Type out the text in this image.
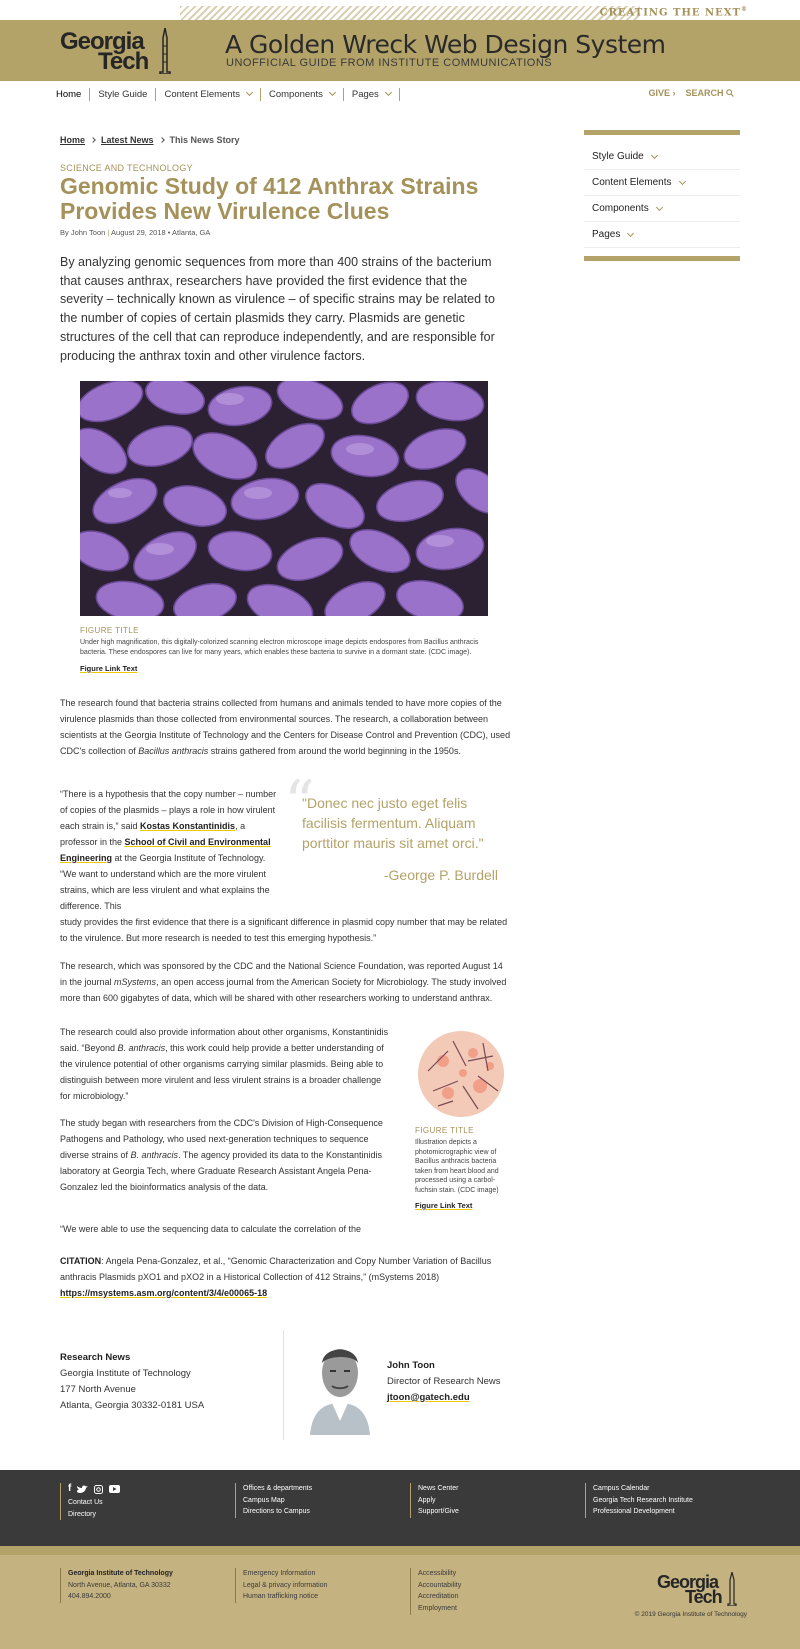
CREATING THE NEXT®
Georgia
Tech
A Golden Wreck Web Design System
UNOFFICIAL GUIDE FROM INSTITUTE COMMUNICATIONS
Home Style Guide Content Elements	Components	Pages	GIVE › SEARCH
Home Latest News This News Story
SCIENCE AND TECHNOLOGY
Genomic Study of 412 Anthrax Strains Provides New Virulence Clues
By John Toon | August 29, 2018 • Atlanta, GA

By analyzing genomic sequences from more than 400 strains of the bacterium that causes anthrax, researchers have provided the first evidence that the severity – technically known as virulence – of specific strains may be related to the number of copies of certain plasmids they carry. Plasmids are genetic structures of the cell that can reproduce independently, and are responsible for producing the anthrax toxin and other virulence factors.

FIGURE TITLE
Under high magnification, this digitally-colorized scanning electron microscope image depicts endospores from Bacillus anthracis bacteria. These endospores can live for many years, which enables these bacteria to survive in a dormant state. (CDC image).
Figure Link Text

The research found that bacteria strains collected from humans and animals tended to have more copies of the virulence plasmids than those collected from environmental sources. The research, a collaboration between scientists at the Georgia Institute of Technology and the Centers for Disease Control and Prevention (CDC), used CDC's collection of Bacillus anthracis strains gathered from around the world beginning in the 1950s.

“There is a hypothesis that the copy number – number of copies of the plasmids – plays a role in how virulent each strain is,” said Kostas Konstantinidis, a professor in the School of Civil and Environmental Engineering at the Georgia Institute of Technology. “We want to understand which are the more virulent strains, which are less virulent and what explains the difference. This

study provides the first evidence that there is a significant difference in plasmid copy number that may be related to the virulence. But more research is needed to test this emerging hypothesis.”

“
"Donec nec justo eget felis facilisis fermentum. Aliquam porttitor mauris sit amet orci."
-George P. Burdell

The research, which was sponsored by the CDC and the National Science Foundation, was reported August 14 in the journal mSystems, an open access journal from the American Society for Microbiology. The study involved more than 600 gigabytes of data, which will be shared with other researchers working to understand anthrax.

The research could also provide information about other organisms, Konstantinidis said. “Beyond B. anthracis, this work could help provide a better understanding of the virulence potential of other organisms carrying similar plasmids. Being able to distinguish between more virulent and less virulent strains is a broader challenge for microbiology.”

The study began with researchers from the CDC's Division of High-Consequence Pathogens and Pathology, who used next-generation techniques to sequence diverse strains of B. anthracis. The agency provided its data to the Konstantinidis laboratory at Georgia Tech, where Graduate Research Assistant Angela Pena-Gonzalez led the bioinformatics analysis of the data.

“We were able to use the sequencing data to calculate the correlation of the

FIGURE TITLE
Illustration depicts a photomicrographic view of Bacillus anthracis bacteria taken from heart blood and processed using a carbol-fuchsin stain. (CDC image)
Figure Link Text
CITATION: Angela Pena-Gonzalez, et al., “Genomic Characterization and Copy Number Variation of Bacillus anthracis Plasmids pXO1 and pXO2 in a Historical Collection of 412 Strains,” (mSystems 2018)
https://msystems.asm.org/content/3/4/e00065-18
Style Guide
Content Elements
Components
Pages
Research News
Georgia Institute of Technology
177 North Avenue
Atlanta, Georgia 30332-0181 USA
John Toon
Director of Research News
jtoon@gatech.edu
f
Contact Us
Directory
Offices & departments
Campus Map
Directions to Campus
News Center
Apply
Support/Give
Campus Calendar
Georgia Tech Research Institute
Professional Development
Georgia Institute of Technology
North Avenue, Atlanta, GA 30332
404.894.2000
Emergency Information
Legal & privacy information
Human trafficking notice
Accessibility
Accountability
Accreditation
Employment
Georgia
Tech
© 2019 Georgia Institute of Technology
